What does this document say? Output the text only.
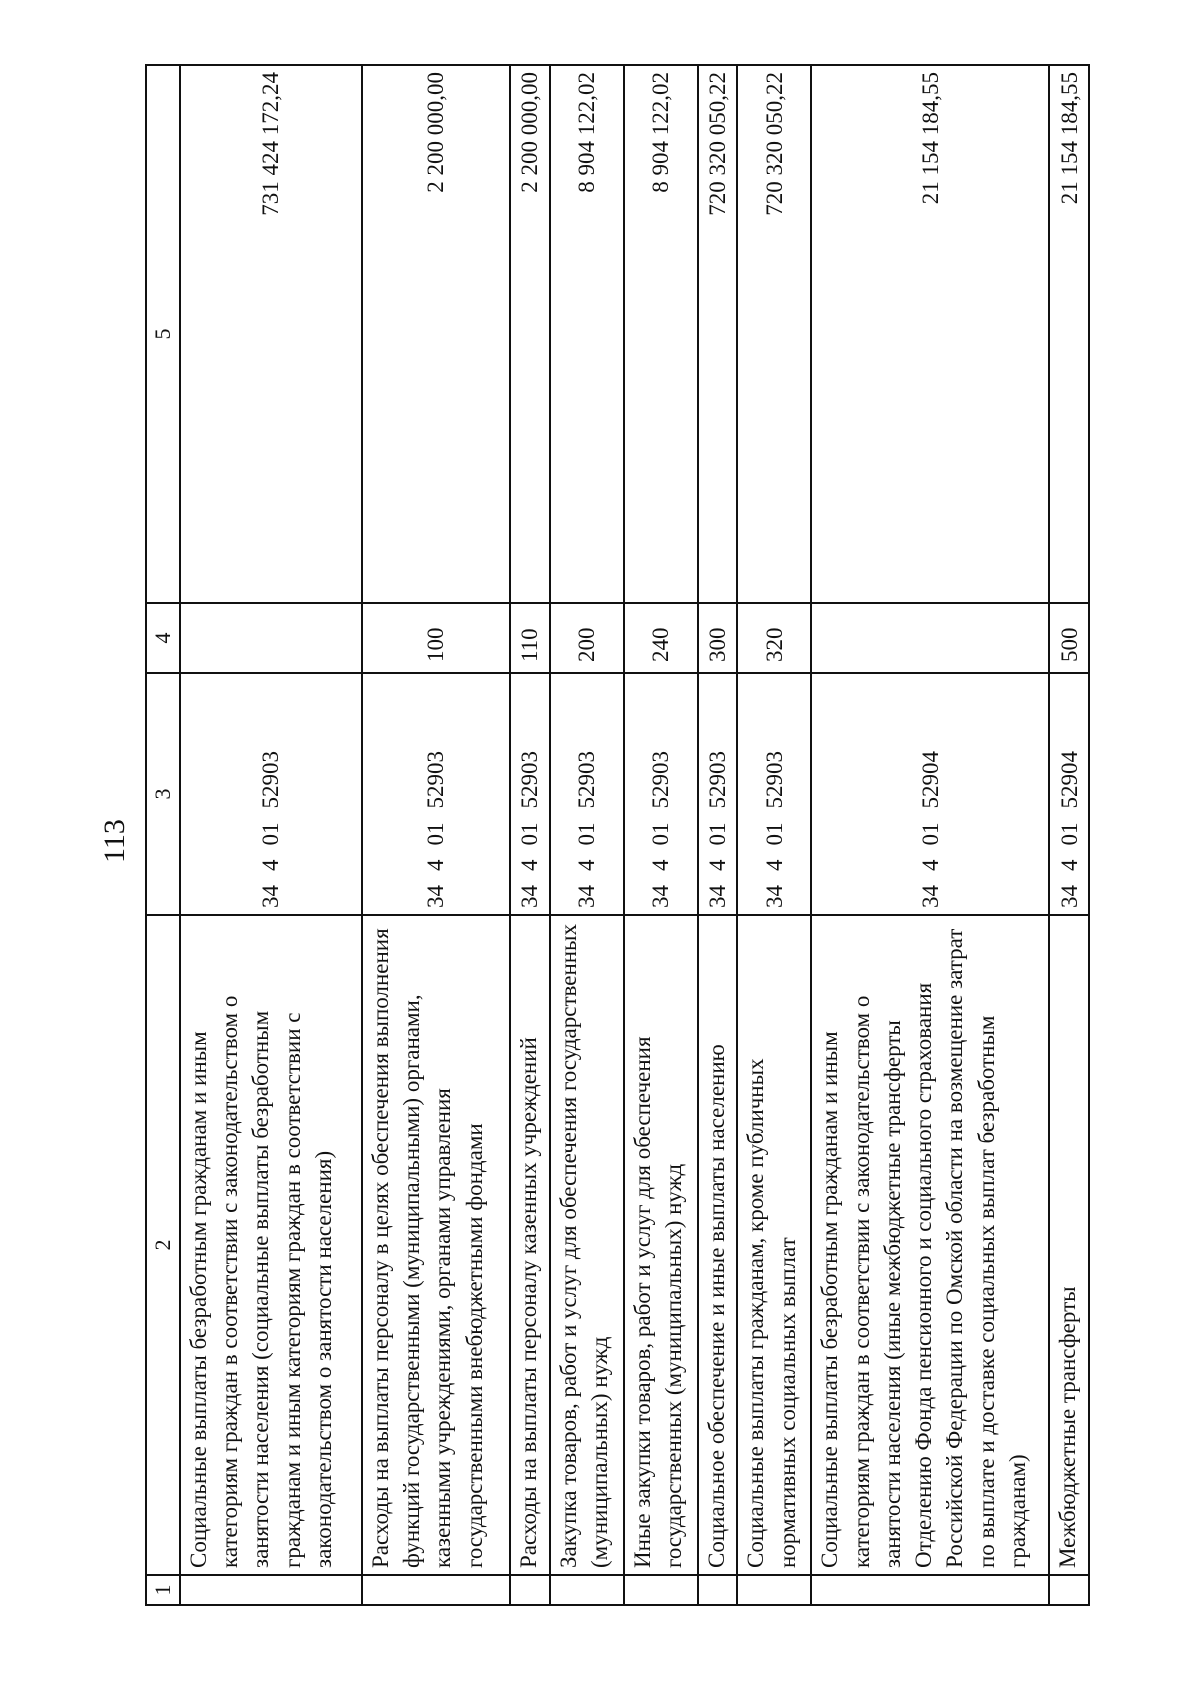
113
1	2	3	4	5
	Социальные выплаты безработным гражданам и иным категориям граждан в соответствии с законодательством о занятости населения (социальные выплаты безработным гражданам и иным категориям граждан в соответствии с законодательством о занятости населения)	3440152903		731 424 172,24
	Расходы на выплаты персоналу в целях обеспечения выполнения функций государственными (муниципальными) органами, казенными учреждениями, органами управления государственными внебюджетными фондами	3440152903	100	2 200 000,00
	Расходы на выплаты персоналу казенных учреждений	3440152903	110	2 200 000,00
	Закупка товаров, работ и услуг для обеспечения государственных (муниципальных) нужд	3440152903	200	8 904 122,02
	Иные закупки товаров, работ и услуг для обеспечения государственных (муниципальных) нужд	3440152903	240	8 904 122,02
	Социальное обеспечение и иные выплаты населению	3440152903	300	720 320 050,22
	Социальные выплаты гражданам, кроме публичных нормативных социальных выплат	3440152903	320	720 320 050,22
	Социальные выплаты безработным гражданам и иным категориям граждан в соответствии с законодательством о занятости населения (иные межбюджетные трансферты Отделению Фонда пенсионного и социального страхования Российской Федерации по Омской области на возмещение затрат по выплате и доставке социальных выплат безработным гражданам)	3440152904		21 154 184,55
	Межбюджетные трансферты	3440152904	500	21 154 184,55
